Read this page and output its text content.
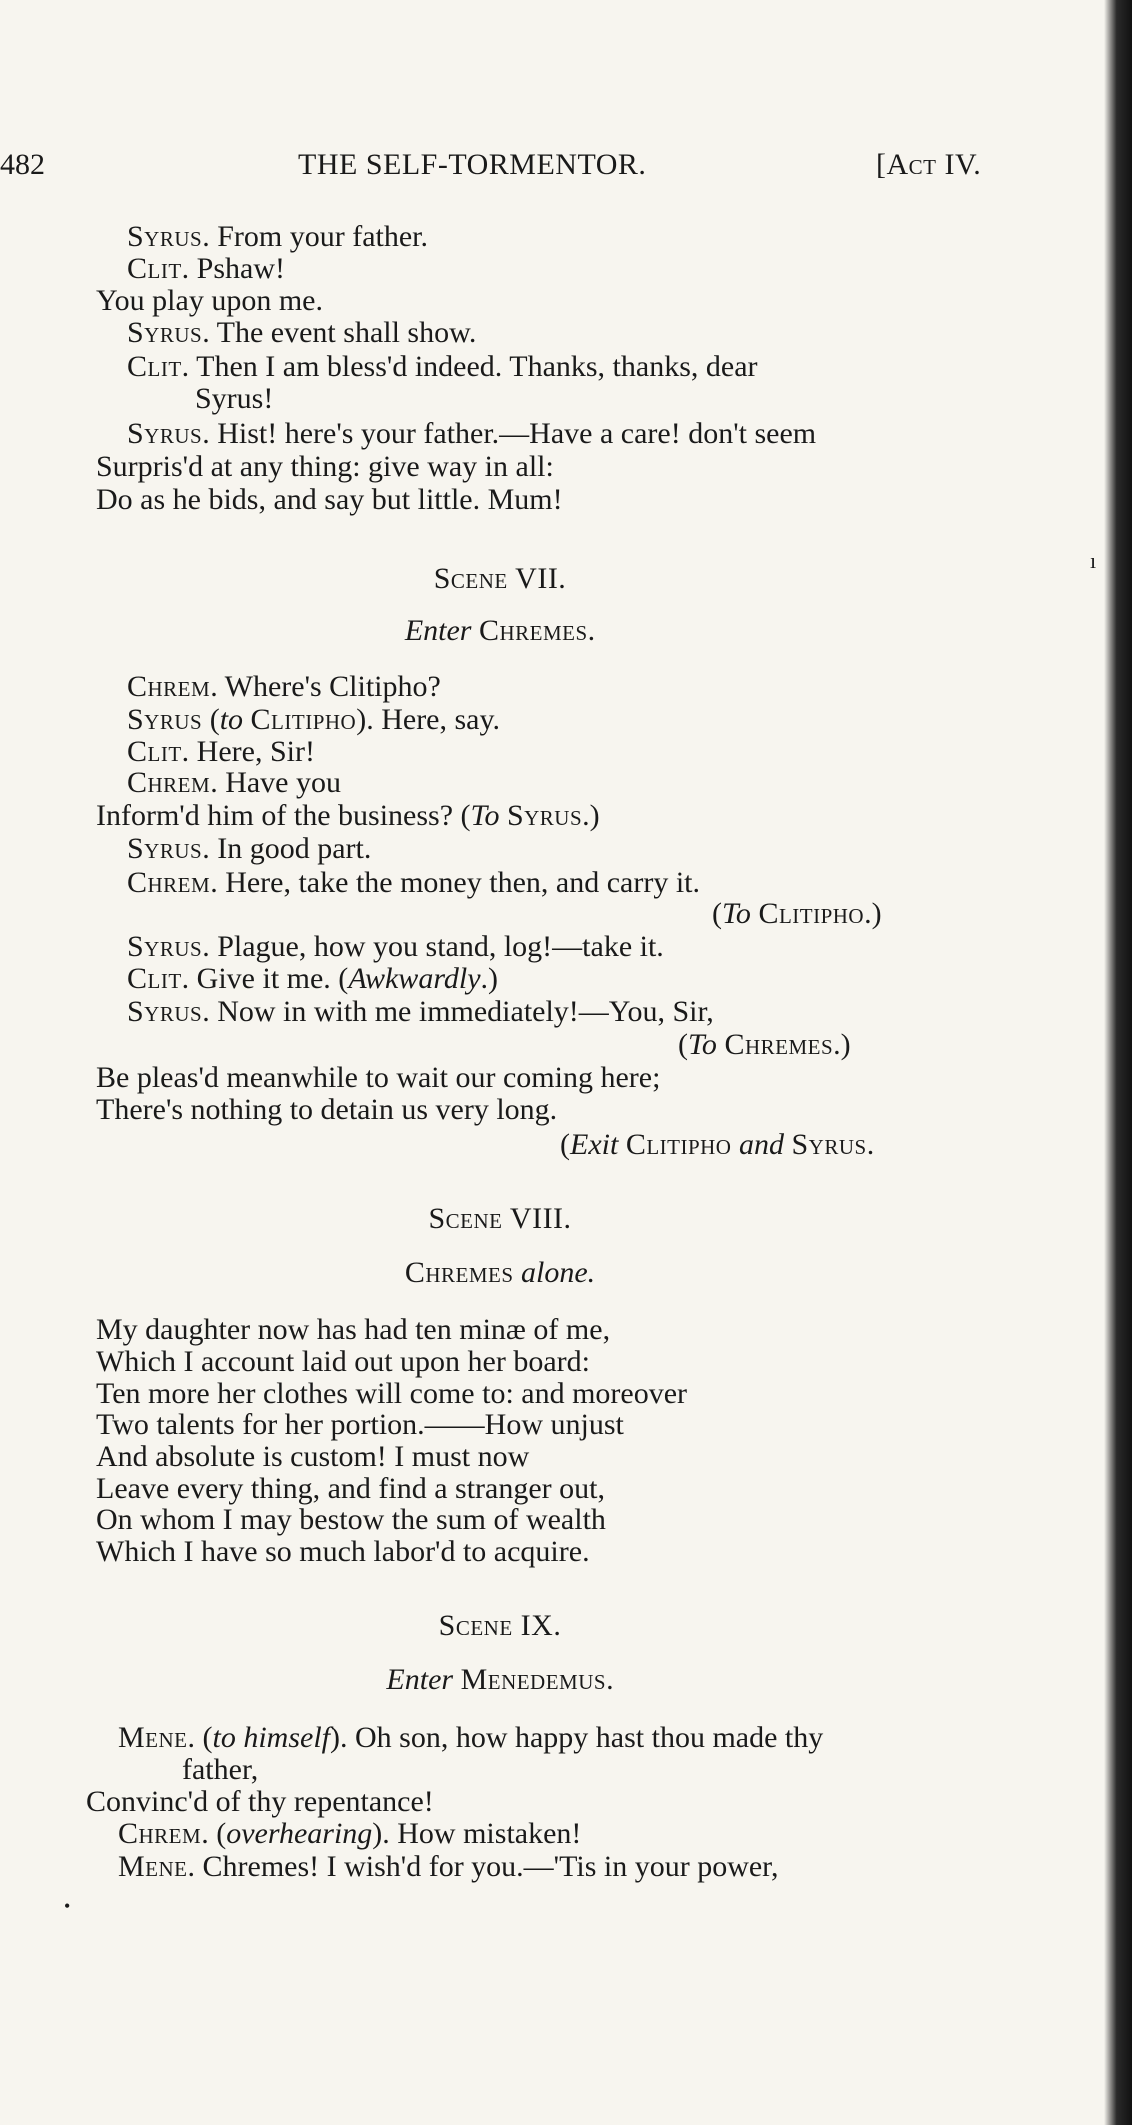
482	THE SELF-TORMENTOR.	[Act IV.
Syrus. From your father.
Clit. Pshaw!
You play upon me.
Syrus. The event shall show.
Clit. Then I am bless'd indeed. Thanks, thanks, dear
Syrus!
Syrus. Hist! here's your father.—Have a care! don't seem
Surpris'd at any thing: give way in all:
Do as he bids, and say but little. Mum!
ı
Scene VII.
Enter Chremes.
Chrem. Where's Clitipho?
Syrus (to Clitipho). Here, say.
Clit. Here, Sir!
Chrem. Have you
Inform'd him of the business? (To Syrus.)
Syrus. In good part.
Chrem. Here, take the money then, and carry it.
(To Clitipho.)
Syrus. Plague, how you stand, log!—take it.
Clit. Give it me. (Awkwardly.)
Syrus. Now in with me immediately!—You, Sir,
(To Chremes.)
Be pleas'd meanwhile to wait our coming here;
There's nothing to detain us very long.
(Exit Clitipho and Syrus.
Scene VIII.
Chremes alone.
My daughter now has had ten minæ of me,
Which I account laid out upon her board:
Ten more her clothes will come to: and moreover
Two talents for her portion.——How unjust
And absolute is custom! I must now
Leave every thing, and find a stranger out,
On whom I may bestow the sum of wealth
Which I have so much labor'd to acquire.
Scene IX.
Enter Menedemus.
Mene. (to himself). Oh son, how happy hast thou made thy
father,
Convinc'd of thy repentance!
Chrem. (overhearing). How mistaken!
Mene. Chremes! I wish'd for you.—'Tis in your power,
•
